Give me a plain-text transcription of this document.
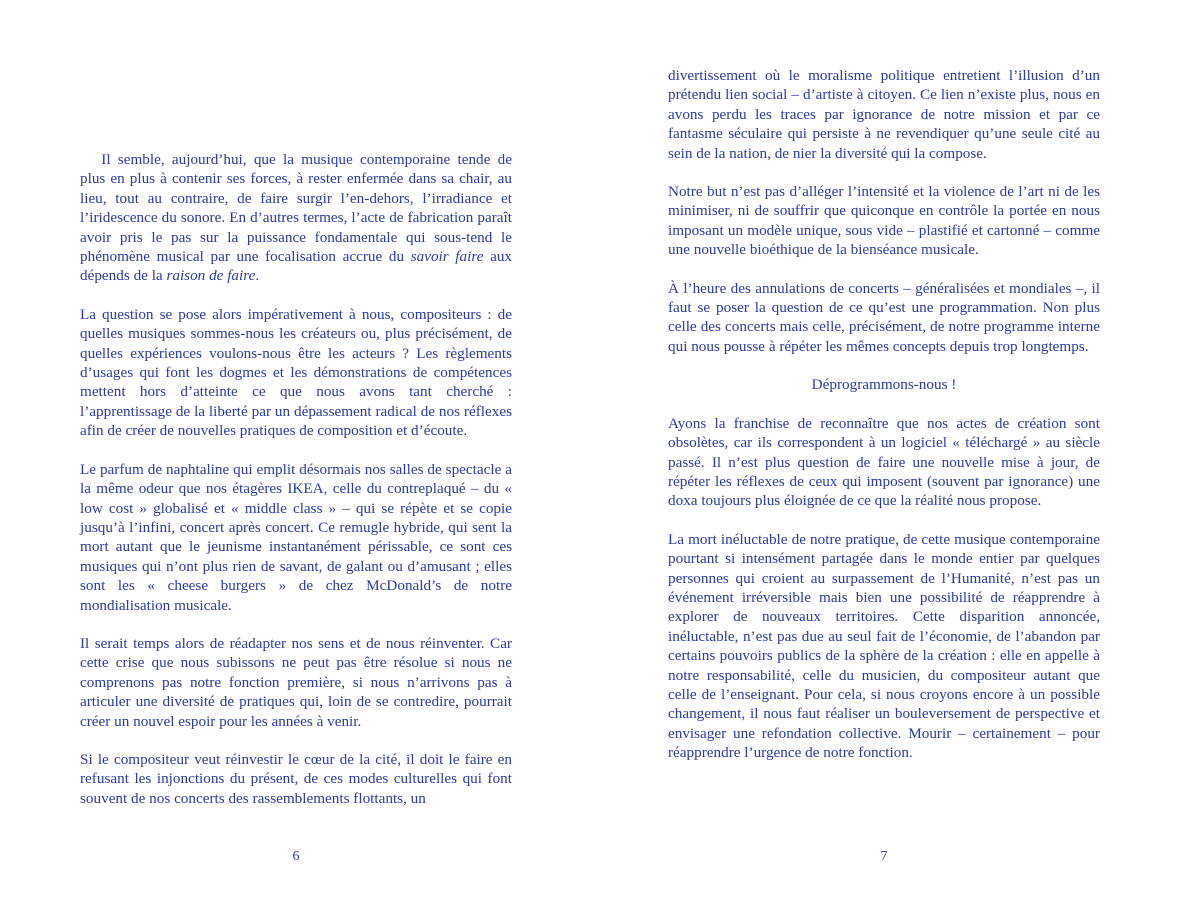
Il semble, aujourd’hui, que la musique contemporaine tende de plus en plus à contenir ses forces, à rester enfermée dans sa chair, au lieu, tout au contraire, de faire surgir l’en-dehors, l’irradiance et l’iridescence du sonore. En d’autres termes, l’acte de fabrication paraît avoir pris le pas sur la puissance fondamentale qui sous-tend le phénomène musical par une focalisation accrue du savoir faire aux dépends de la raison de faire.

La question se pose alors impérativement à nous, compositeurs : de quelles musiques sommes-nous les créateurs ou, plus précisément, de quelles expériences voulons-nous être les acteurs ? Les règlements d’usages qui font les dogmes et les démonstrations de compétences mettent hors d’atteinte ce que nous avons tant cherché : l’apprentissage de la liberté par un dépassement radical de nos réflexes afin de créer de nouvelles pratiques de composition et d’écoute.

Le parfum de naphtaline qui emplit désormais nos salles de spectacle a la même odeur que nos étagères IKEA, celle du contreplaqué – du « low cost » globalisé et « middle class » – qui se répète et se copie jusqu’à l’infini, concert après concert. Ce remugle hybride, qui sent la mort autant que le jeunisme instantanément périssable, ce sont ces musiques qui n’ont plus rien de savant, de galant ou d’amusant ; elles sont les « cheese burgers » de chez McDonald’s de notre mondialisation musicale.

Il serait temps alors de réadapter nos sens et de nous réinventer. Car cette crise que nous subissons ne peut pas être résolue si nous ne comprenons pas notre fonction première, si nous n’arrivons pas à articuler une diversité de pratiques qui, loin de se contredire, pourrait créer un nouvel espoir pour les années à venir.

Si le compositeur veut réinvestir le cœur de la cité, il doit le faire en refusant les injonctions du présent, de ces modes culturelles qui font souvent de nos concerts des rassemblements flottants, un

6

divertissement où le moralisme politique entretient l’illusion d’un prétendu lien social – d’artiste à citoyen. Ce lien n’existe plus, nous en avons perdu les traces par ignorance de notre mission et par ce fantasme séculaire qui persiste à ne revendiquer qu’une seule cité au sein de la nation, de nier la diversité qui la compose.

Notre but n’est pas d’alléger l’intensité et la violence de l’art ni de les minimiser, ni de souffrir que quiconque en contrôle la portée en nous imposant un modèle unique, sous vide – plastifié et cartonné – comme une nouvelle bioéthique de la bienséance musicale.

À l’heure des annulations de concerts – généralisées et mondiales –, il faut se poser la question de ce qu’est une programmation. Non plus celle des concerts mais celle, précisément, de notre programme interne qui nous pousse à répéter les mêmes concepts depuis trop longtemps.

Déprogrammons-nous !

Ayons la franchise de reconnaître que nos actes de création sont obsolètes, car ils correspondent à un logiciel « téléchargé » au siècle passé. Il n’est plus question de faire une nouvelle mise à jour, de répéter les réflexes de ceux qui imposent (souvent par ignorance) une doxa toujours plus éloignée de ce que la réalité nous propose.

La mort inéluctable de notre pratique, de cette musique contemporaine pourtant si intensément partagée dans le monde entier par quelques personnes qui croient au surpassement de l’Humanité, n’est pas un événement irréversible mais bien une possibilité de réapprendre à explorer de nouveaux territoires. Cette disparition annoncée, inéluctable, n’est pas due au seul fait de l’économie, de l’abandon par certains pouvoirs publics de la sphère de la création : elle en appelle à notre responsabilité, celle du musicien, du compositeur autant que celle de l’enseignant. Pour cela, si nous croyons encore à un possible changement, il nous faut réaliser un bouleversement de perspective et envisager une refondation collective. Mourir – certainement – pour réapprendre l’urgence de notre fonction.

7
